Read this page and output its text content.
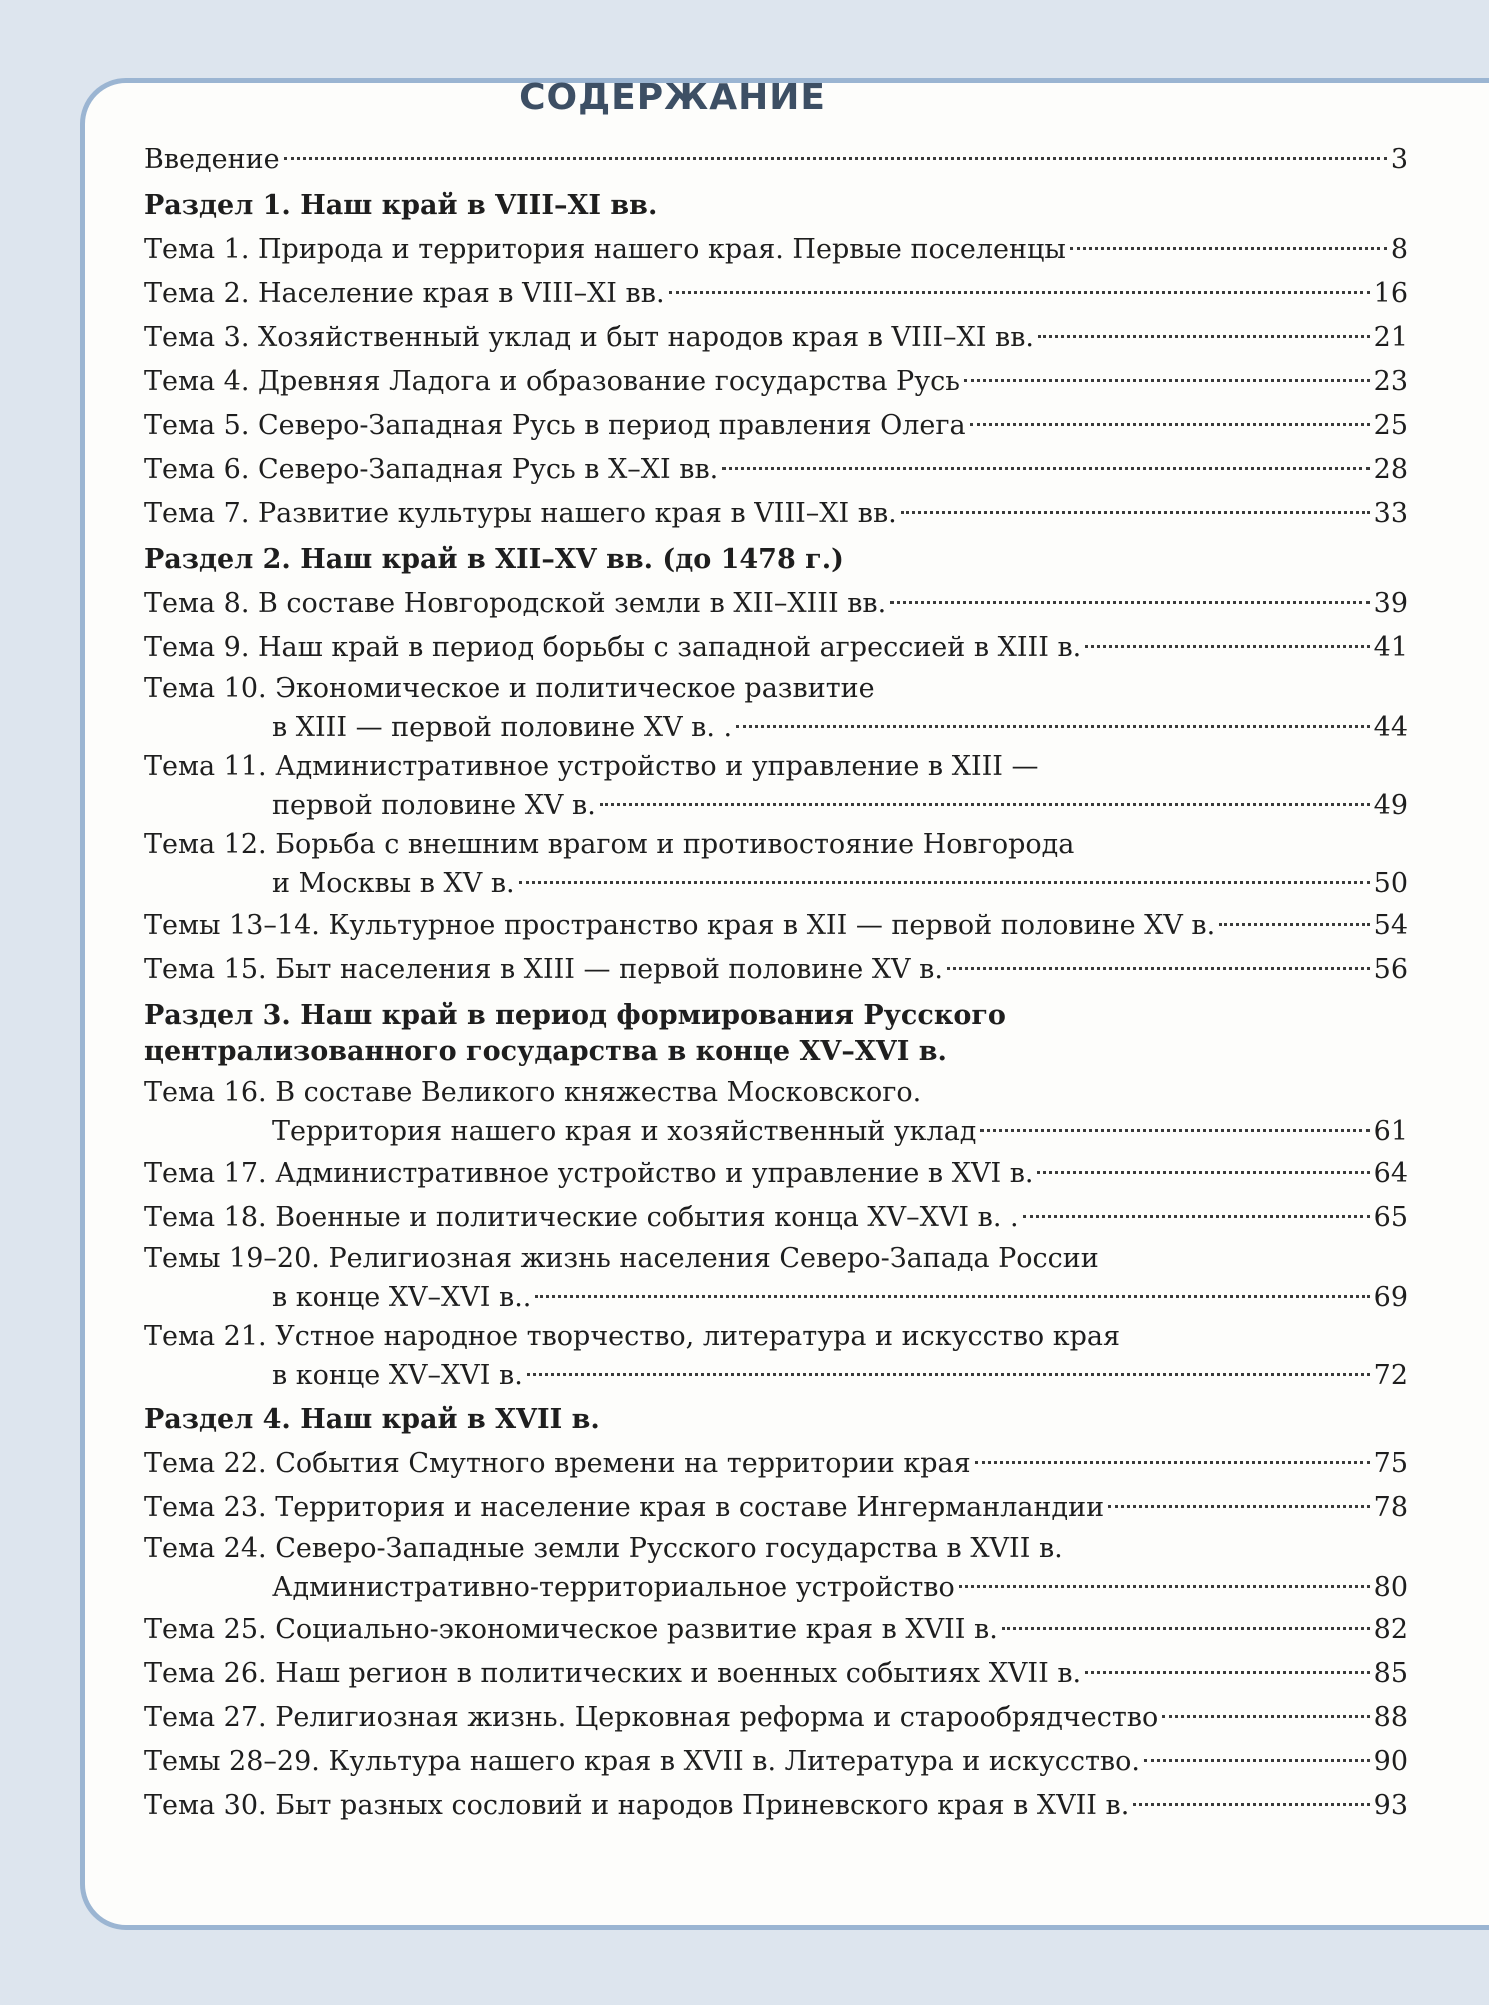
СОДЕРЖАНИЕ
Введение	3
Раздел 1. Наш край в VIII–XI вв.
Тема 1. Природа и территория нашего края. Первые поселенцы	8
Тема 2. Население края в VIII–XI вв.	16
Тема 3. Хозяйственный уклад и быт народов края в VIII–XI вв.	21
Тема 4. Древняя Ладога и образование государства Русь	23
Тема 5. Северо-Западная Русь в период правления Олега	25
Тема 6. Северо-Западная Русь в X–XI вв.	28
Тема 7. Развитие культуры нашего края в VIII–XI вв.	33
Раздел 2. Наш край в XII–XV вв. (до 1478 г.)
Тема 8. В составе Новгородской земли в XII–XIII вв.	39
Тема 9. Наш край в период борьбы с западной агрессией в XIII в.	41
Тема 10. Экономическое и политическое развитие
в XIII — первой половине XV в. .	44
Тема 11. Административное устройство и управление в XIII —
первой половине XV в.	49
Тема 12. Борьба с внешним врагом и противостояние Новгорода
и Москвы в XV в.	50
Темы 13–14. Культурное пространство края в XII — первой половине XV в.	54
Тема 15. Быт населения в XIII — первой половине XV в.	56
Раздел 3. Наш край в период формирования Русского
централизованного государства в конце XV–XVI в.
Тема 16. В составе Великого княжества Московского.
Территория нашего края и хозяйственный уклад	61
Тема 17. Административное устройство и управление в XVI в.	64
Тема 18. Военные и политические события конца XV–XVI в. .	65
Темы 19–20. Религиозная жизнь населения Северо-Запада России
в конце XV–XVI в..	69
Тема 21. Устное народное творчество, литература и искусство края
в конце XV–XVI в.	72
Раздел 4. Наш край в XVII в.
Тема 22. События Смутного времени на территории края	75
Тема 23. Территория и население края в составе Ингерманландии	78
Тема 24. Северо-Западные земли Русского государства в XVII в.
Административно-территориальное устройство	80
Тема 25. Социально-экономическое развитие края в XVII в.	82
Тема 26. Наш регион в политических и военных событиях XVII в.	85
Тема 27. Религиозная жизнь. Церковная реформа и старообрядчество	88
Темы 28–29. Культура нашего края в XVII в. Литература и искусство.	90
Тема 30. Быт разных сословий и народов Приневского края в XVII в.	93
